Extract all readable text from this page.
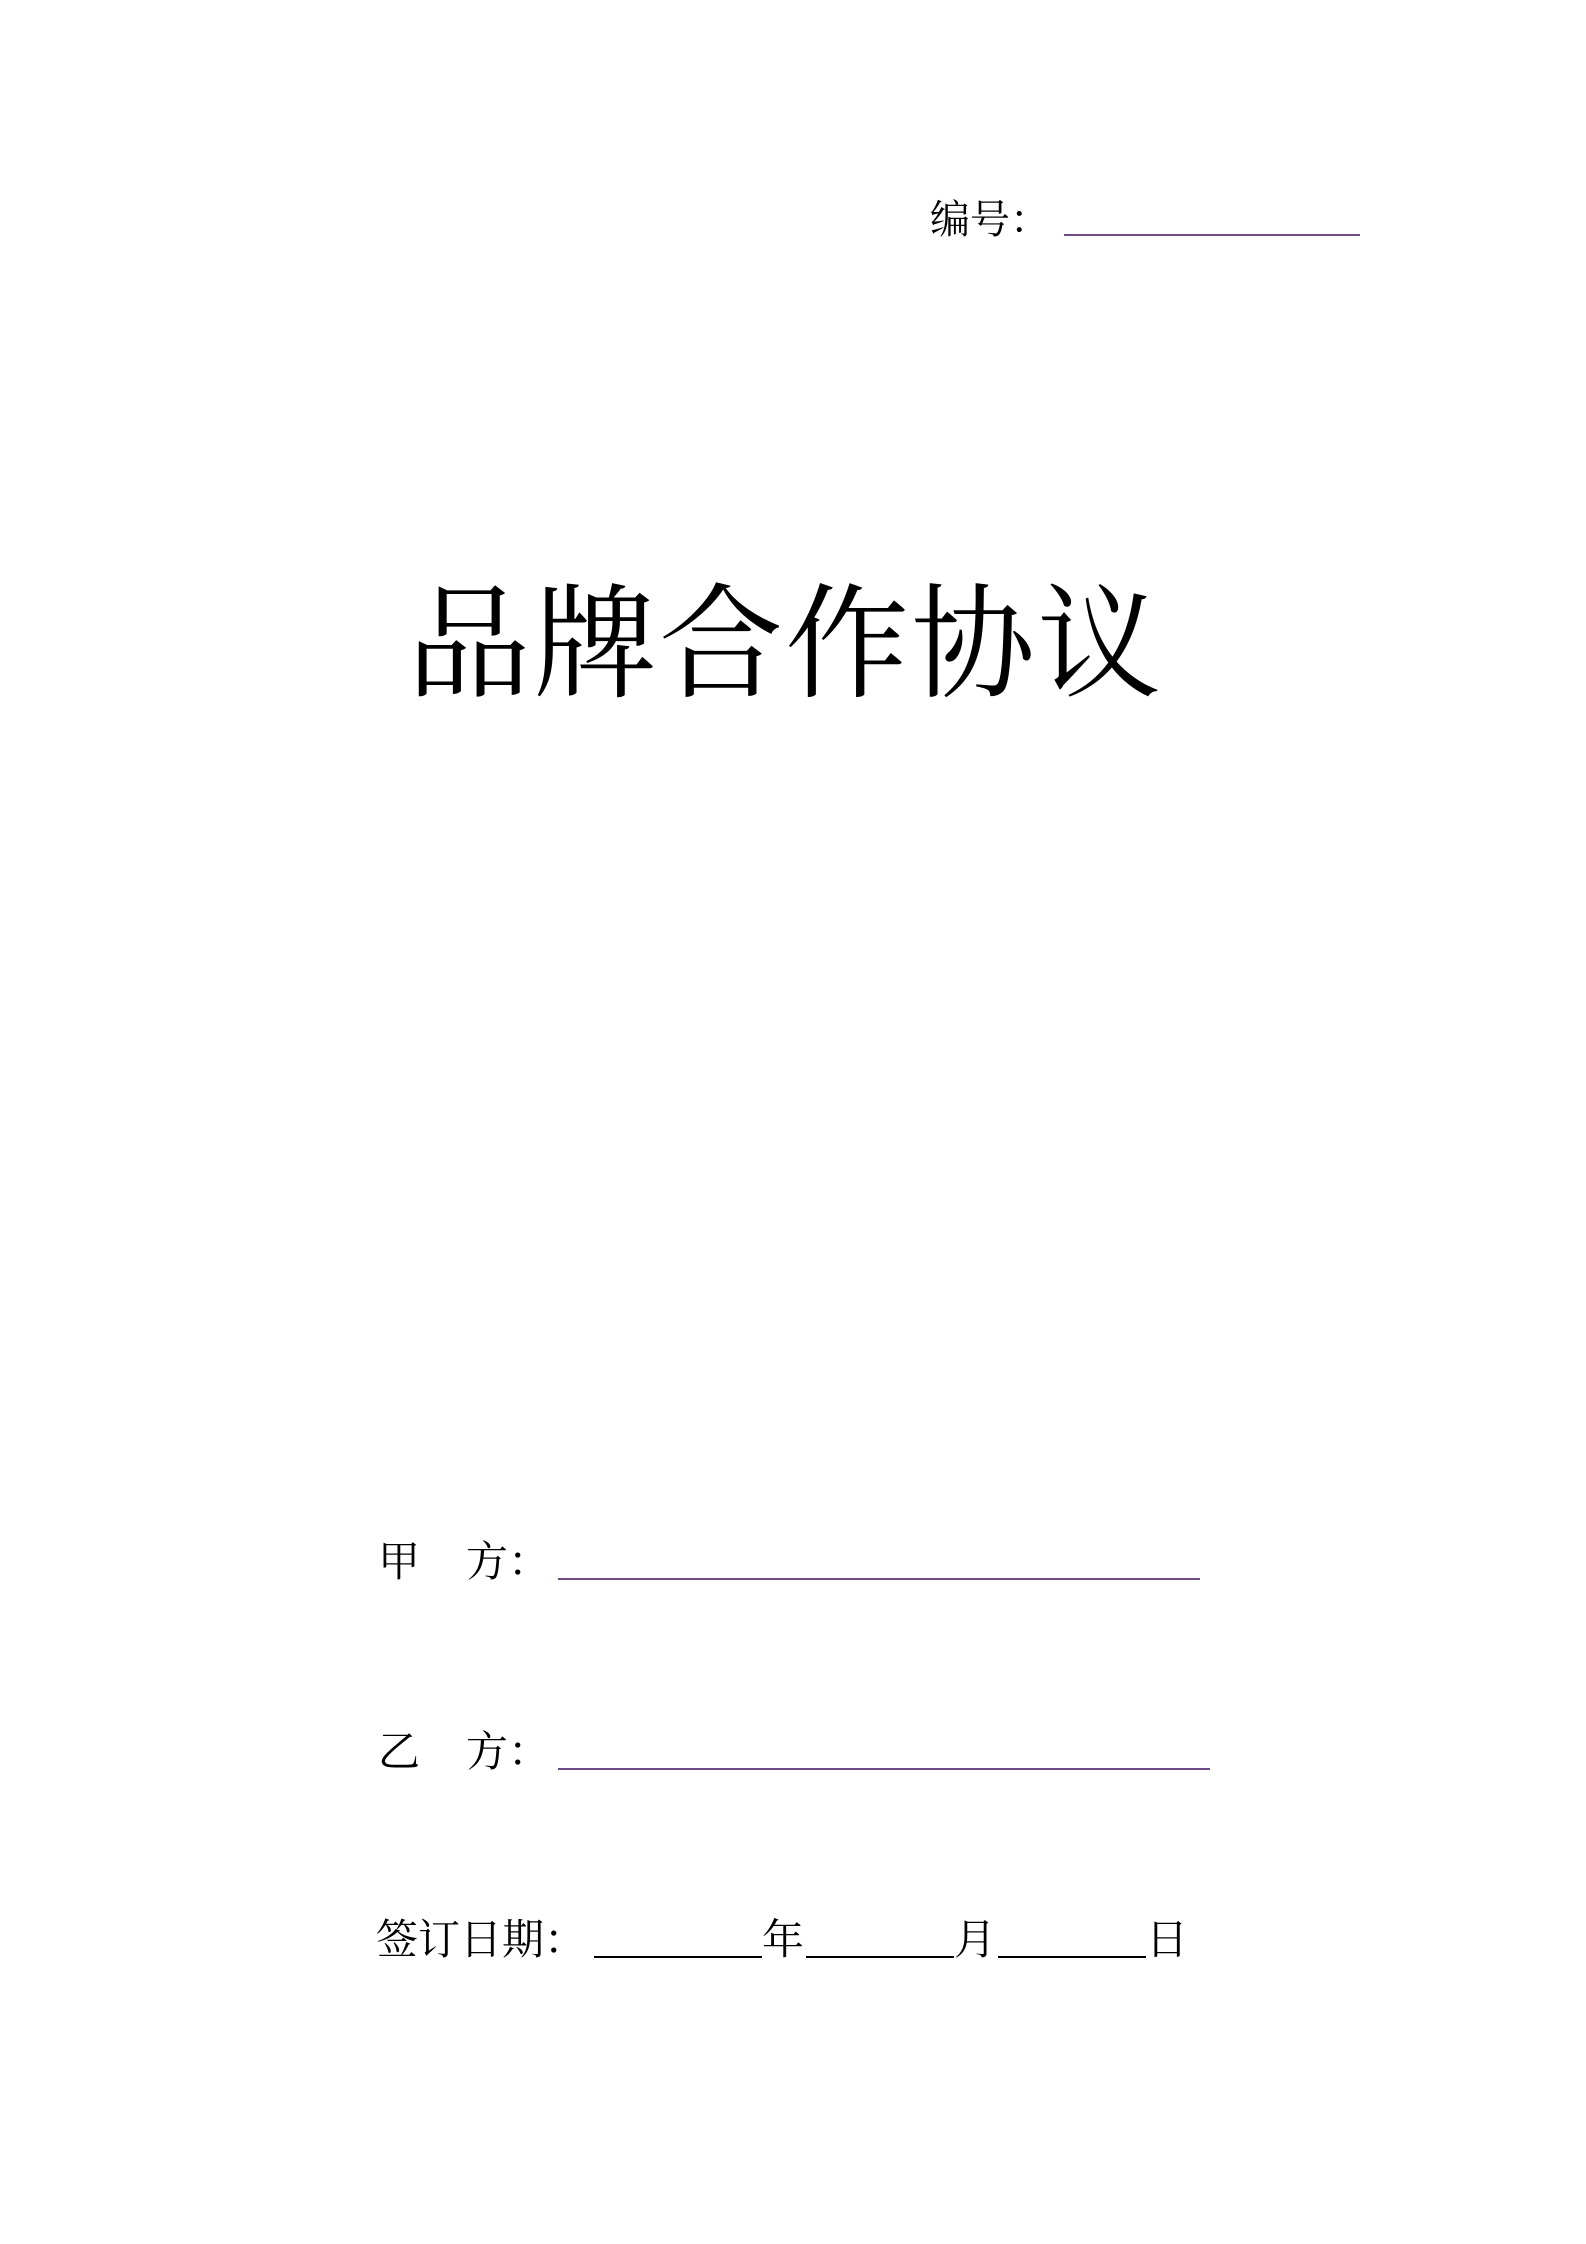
编号：
品牌合作协议
甲 方：
乙 方：
签订日期：	年	月	日
